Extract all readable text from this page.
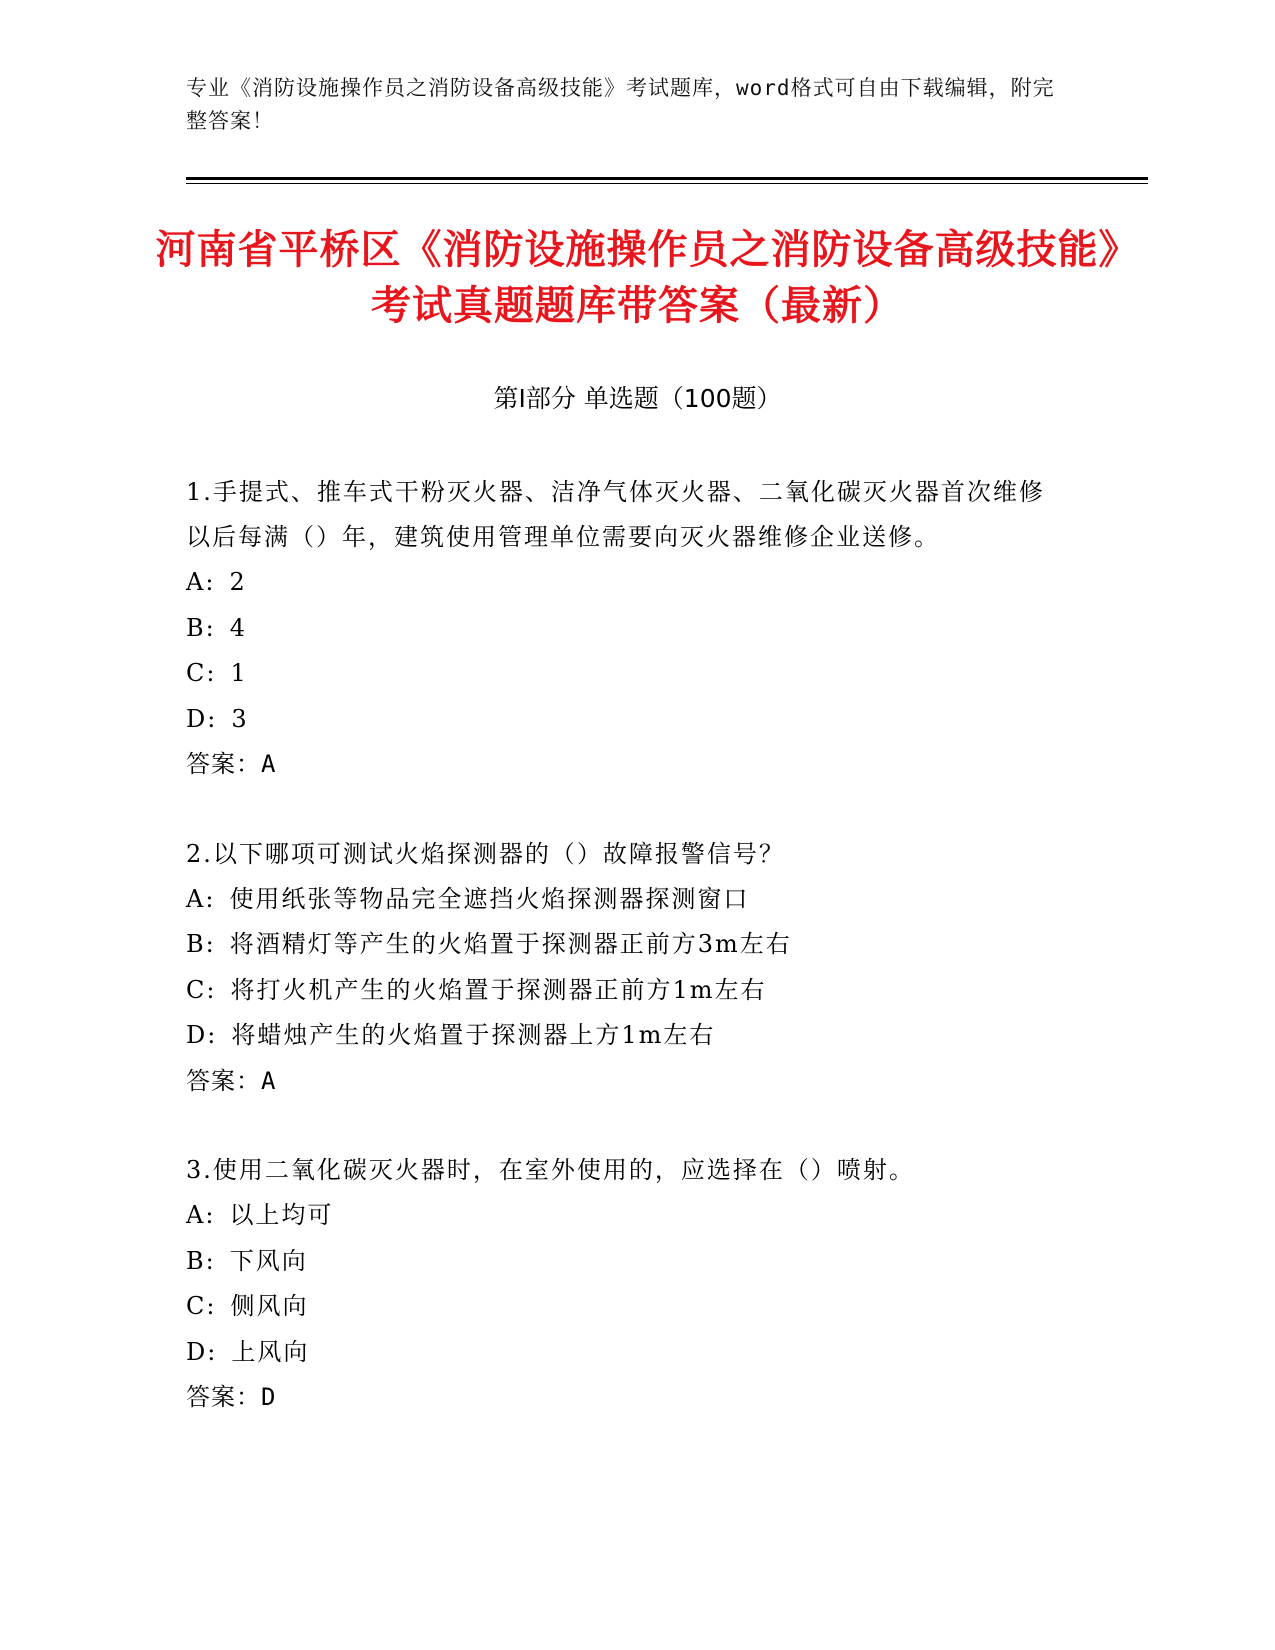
专业《消防设施操作员之消防设备高级技能》考试题库，word格式可自由下载编辑，附完整答案！
河南省平桥区《消防设施操作员之消防设备高级技能》考试真题题库带答案（最新）
第Ⅰ部分 单选题（100题）
1.手提式、推车式干粉灭火器、洁净气体灭火器、二氧化碳灭火器首次维修以后每满（）年，建筑使用管理单位需要向灭火器维修企业送修。
A: 2
B: 4
C: 1
D: 3
答案：A
2.以下哪项可测试火焰探测器的（）故障报警信号？
A: 使用纸张等物品完全遮挡火焰探测器探测窗口
B: 将酒精灯等产生的火焰置于探测器正前方3m左右
C: 将打火机产生的火焰置于探测器正前方1m左右
D: 将蜡烛产生的火焰置于探测器上方1m左右
答案：A
3.使用二氧化碳灭火器时，在室外使用的，应选择在（）喷射。
A: 以上均可
B: 下风向
C: 侧风向
D: 上风向
答案：D
